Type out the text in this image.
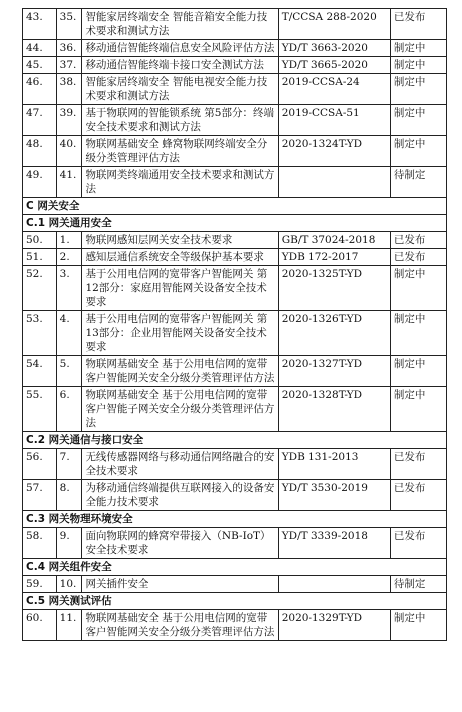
43.	35.	智能家居终端安全 智能音箱安全能力技术要求和测试方法	T/CCSA 288-2020	已发布
44.	36.	移动通信智能终端信息安全风险评估方法	YD/T 3663-2020	制定中
45.	37.	移动通信智能终端卡接口安全测试方法	YD/T 3665-2020	制定中
46.	38.	智能家居终端安全 智能电视安全能力技术要求和测试方法	2019-CCSA-24	制定中
47.	39.	基于物联网的智能锁系统 第5部分：终端安全技术要求和测试方法	2019-CCSA-51	制定中
48.	40.	物联网基础安全 蜂窝物联网终端安全分级分类管理评估方法	2020-1324T-YD	制定中
49.	41.	物联网类终端通用安全技术要求和测试方法		待制定
C 网关安全				
C.1 网关通用安全				
50.	1.	物联网感知层网关安全技术要求	GB/T 37024-2018	已发布
51.	2.	感知层通信系统安全等级保护基本要求	YDB 172-2017	已发布
52.	3.	基于公用电信网的宽带客户智能网关 第12部分：家庭用智能网关设备安全技术要求	2020-1325T-YD	制定中
53.	4.	基于公用电信网的宽带客户智能网关 第13部分：企业用智能网关设备安全技术要求	2020-1326T-YD	制定中
54.	5.	物联网基础安全 基于公用电信网的宽带客户智能网关安全分级分类管理评估方法	2020-1327T-YD	制定中
55.	6.	物联网基础安全 基于公用电信网的宽带客户智能子网关安全分级分类管理评估方法	2020-1328T-YD	制定中
C.2 网关通信与接口安全				
56.	7.	无线传感器网络与移动通信网络融合的安全技术要求	YDB 131-2013	已发布
57.	8.	为移动通信终端提供互联网接入的设备安全能力技术要求	YD/T 3530-2019	已发布
C.3 网关物理环境安全				
58.	9.	面向物联网的蜂窝窄带接入（NB-IoT） 安全技术要求	YD/T 3339-2018	已发布
C.4 网关组件安全				
59.	10.	网关插件安全		待制定
C.5 网关测试评估				
60.	11.	物联网基础安全 基于公用电信网的宽带客户智能网关安全分级分类管理评估方法	2020-1329T-YD	制定中
